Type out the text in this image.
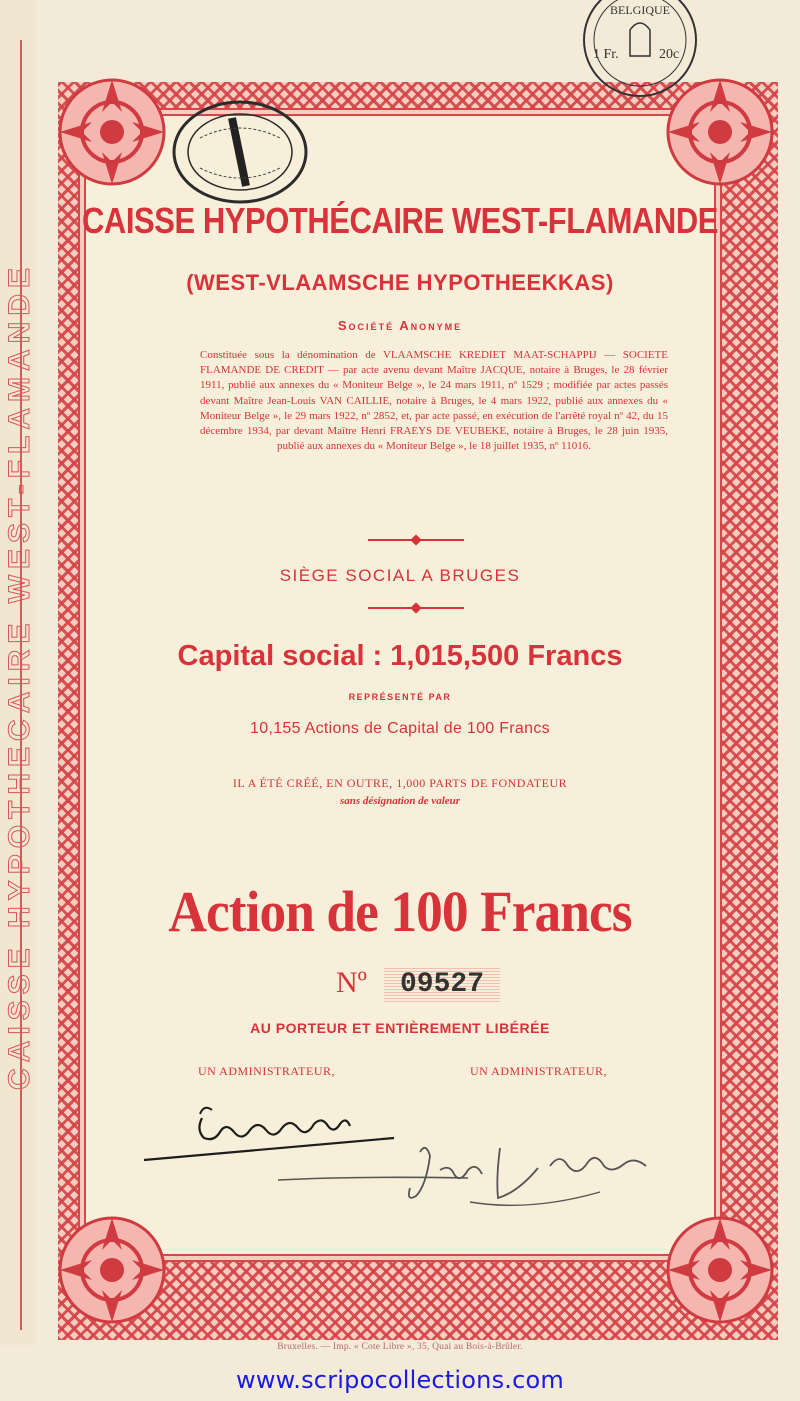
CAISSE HYPOTHECAIRE WEST-FLAMANDE
BELGIQUE
1 Fr.	20c
CAISSE HYPOTHÉCAIRE WEST-FLAMANDE
(WEST-VLAAMSCHE HYPOTHEEKKAS)
Société Anonyme
Constituée sous la dénomination de VLAAMSCHE KREDIET MAAT-SCHAPPIJ — SOCIETE FLAMANDE DE CREDIT — par acte avenu devant Maître JACQUE, notaire à Bruges, le 28 février 1911, publié aux annexes du « Moniteur Belge », le 24 mars 1911, nº 1529 ; modifiée par actes passés devant Maître Jean-Louis VAN CAILLIE, notaire à Bruges, le 4 mars 1922, publié aux annexes du « Moniteur Belge », le 29 mars 1922, nº 2852, et, par acte passé, en exécution de l'arrêté royal nº 42, du 15 décembre 1934, par devant Maître Henri FRAEYS DE VEUBEKE, notaire à Bruges, le 28 juin 1935, publié aux annexes du « Moniteur Belge », le 18 juillet 1935, nº 11016.
SIÈGE SOCIAL A BRUGES
Capital social : 1,015,500 Francs
REPRÉSENTÉ PAR
10,155 Actions de Capital de 100 Francs
IL A ÉTÉ CRÉÉ, EN OUTRE, 1,000 PARTS DE FONDATEUR
sans désignation de valeur
Action de 100 Francs
Nº	09527
AU PORTEUR ET ENTIÈREMENT LIBÉRÉE
UN ADMINISTRATEUR,	UN ADMINISTRATEUR,
Bruxelles. — Imp. « Cote Libre », 35, Quai au Bois-à-Brûler.
www.scripocollections.com
